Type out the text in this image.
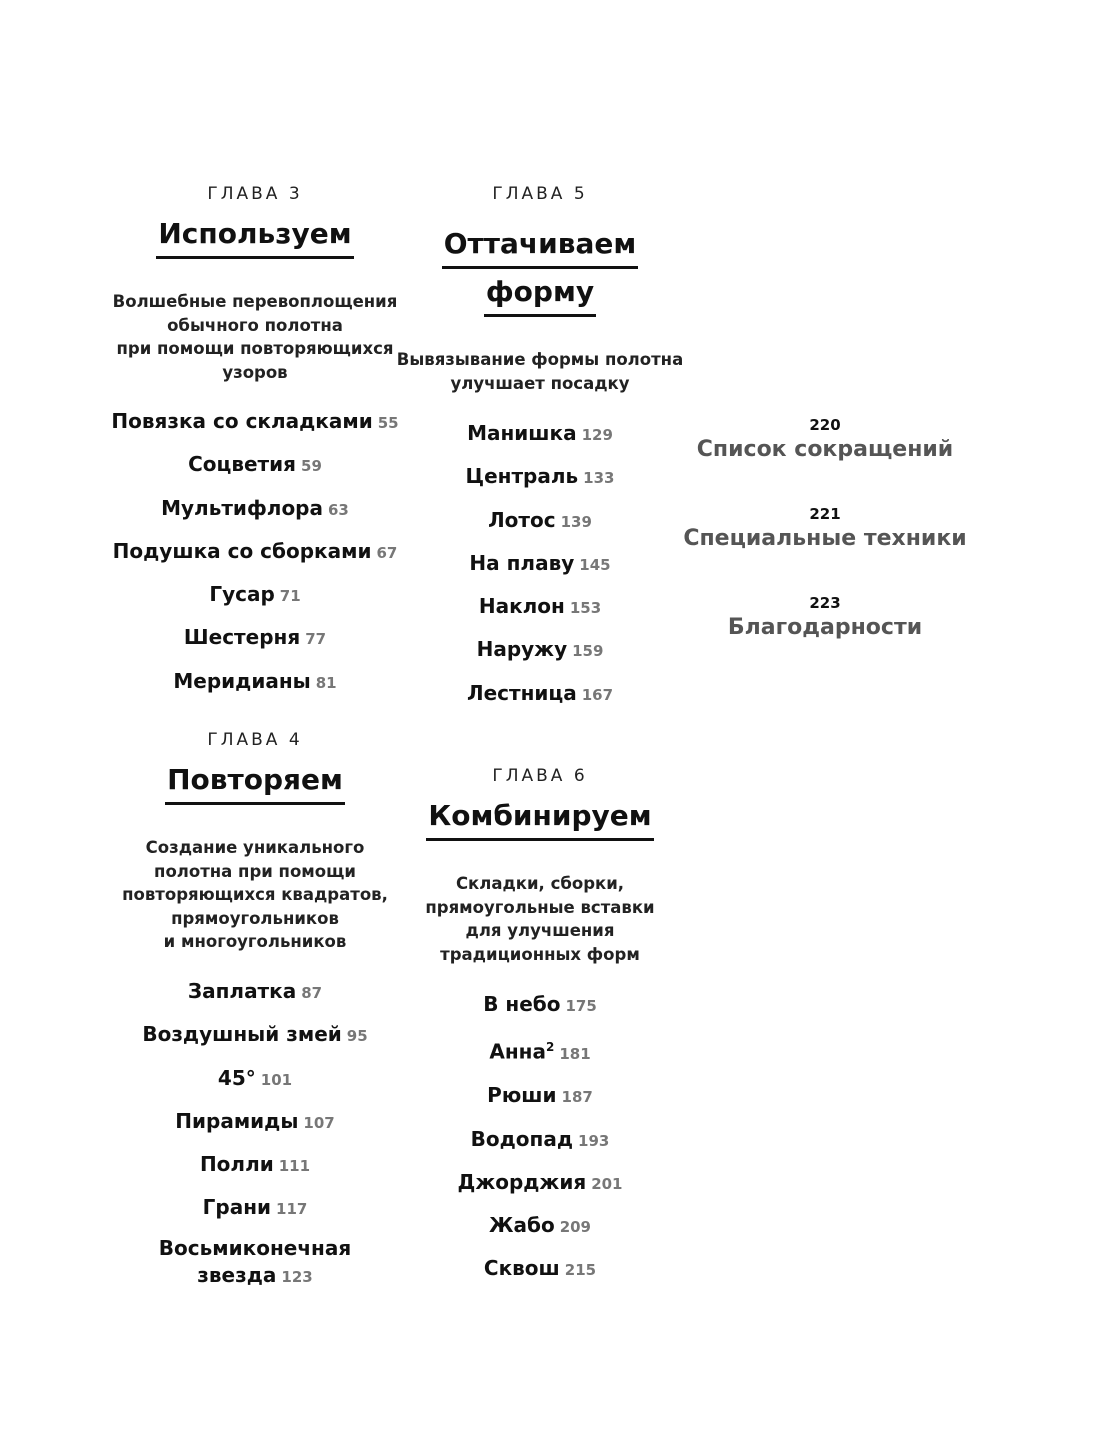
ГЛАВА 3
Используем
Волшебные перевоплощения
обычного полотна
при помощи повторяющихся
узоров
Повязка со складками 55
Соцветия 59
Мультифлора 63
Подушка со сборками 67
Гусар 71
Шестерня 77
Меридианы 81
ГЛАВА 4
Повторяем
Создание уникального
полотна при помощи
повторяющихся квадратов,
прямоугольников
и многоугольников
Заплатка 87
Воздушный змей 95
45° 101
Пирамиды 107
Полли 111
Грани 117
Восьмиконечная
звезда 123
ГЛАВА 5
Оттачиваем
форму
Вывязывание формы полотна
улучшает посадку
Манишка 129
Централь 133
Лотос 139
На плаву 145
Наклон 153
Наружу 159
Лестница 167
ГЛАВА 6
Комбинируем
Складки, сборки,
прямоугольные вставки
для улучшения
традиционных форм
В небо 175
Анна$^2$ 181
Рюши 187
Водопад 193
Джорджия 201
Жабо 209
Сквош 215
220
Список сокращений
221
Специальные техники
223
Благодарности
